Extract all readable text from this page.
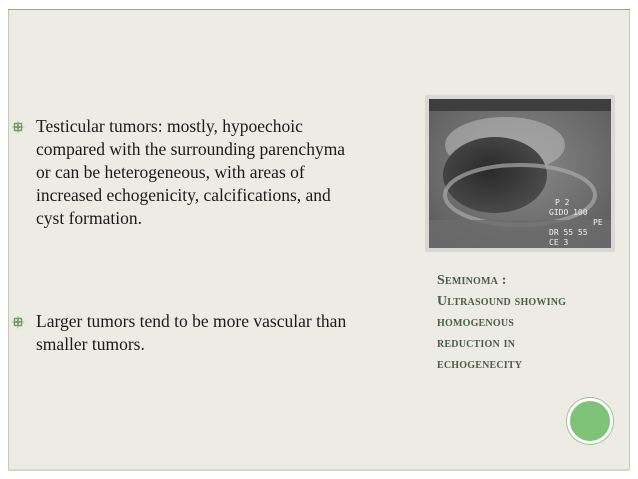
Testicular tumors: mostly, hypoechoic
compared with the surrounding parenchyma
or can be heterogeneous, with areas of
increased echogenicity, calcifications, and
cyst formation.
Larger tumors tend to be more vascular than
smaller tumors.
P 2
GIDO 100
PE
DR 55 55
CE 3
Seminoma :
Ultrasound showing
homogenous
reduction in
echogenecity
